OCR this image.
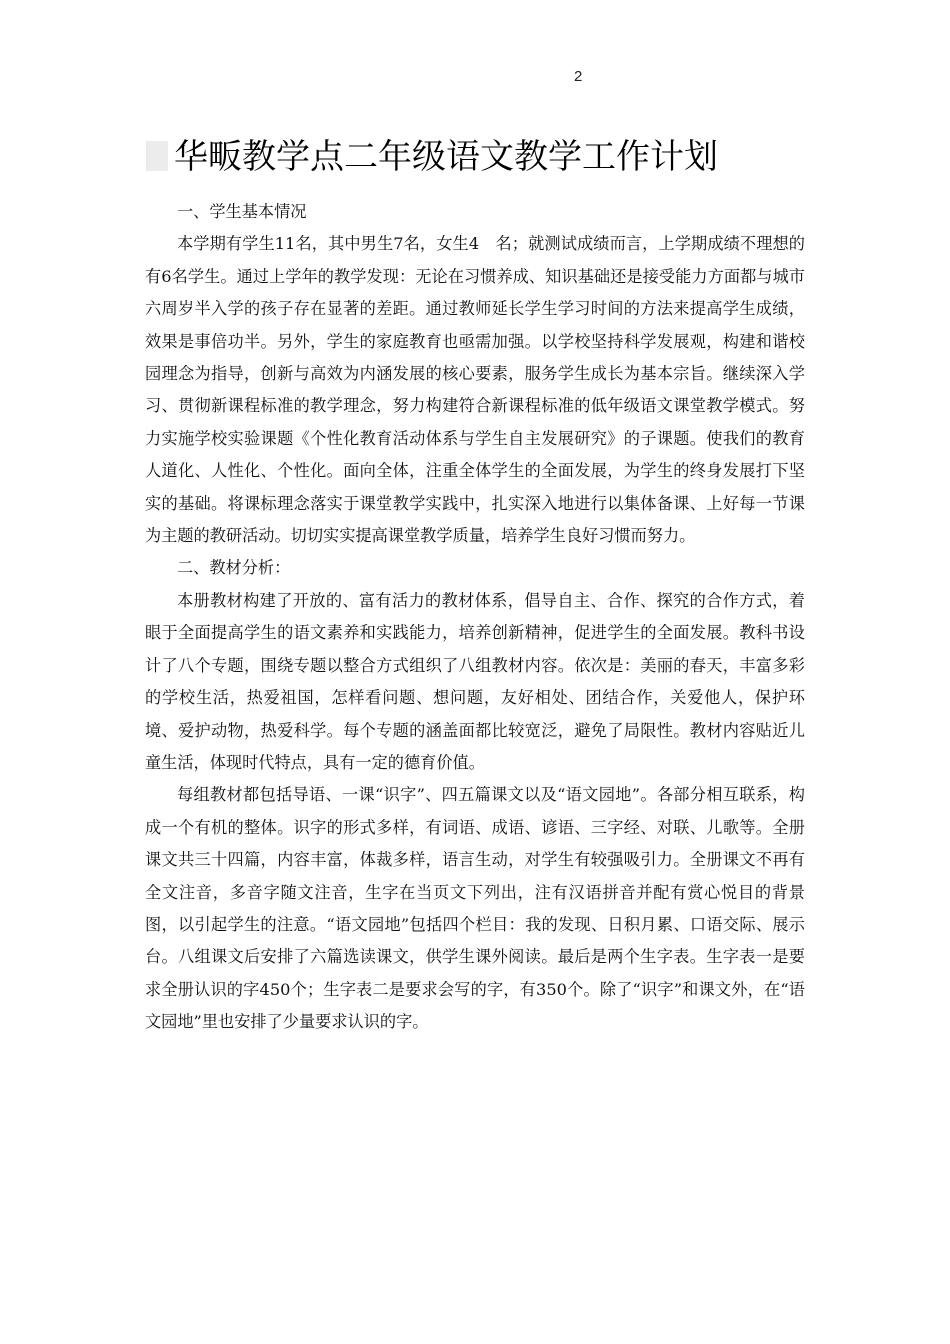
2
华畈教学点二年级语文教学工作计划

一、学生基本情况

本学期有学生11名，其中男生7名，女生4　名；就测试成绩而言，上学期成绩不理想的有6名学生。通过上学年的教学发现：无论在习惯养成、知识基础还是接受能力方面都与城市六周岁半入学的孩子存在显著的差距。通过教师延长学生学习时间的方法来提高学生成绩，效果是事倍功半。另外，学生的家庭教育也亟需加强。以学校坚持科学发展观，构建和谐校园理念为指导，创新与高效为内涵发展的核心要素，服务学生成长为基本宗旨。继续深入学习、贯彻新课程标准的教学理念，努力构建符合新课程标准的低年级语文课堂教学模式。努力实施学校实验课题《个性化教育活动体系与学生自主发展研究》的子课题。使我们的教育人道化、人性化、个性化。面向全体，注重全体学生的全面发展，为学生的终身发展打下坚实的基础。将课标理念落实于课堂教学实践中，扎实深入地进行以集体备课、上好每一节课为主题的教研活动。切切实实提高课堂教学质量，培养学生良好习惯而努力。

二、教材分析：

本册教材构建了开放的、富有活力的教材体系，倡导自主、合作、探究的合作方式，着眼于全面提高学生的语文素养和实践能力，培养创新精神，促进学生的全面发展。教科书设计了八个专题，围绕专题以整合方式组织了八组教材内容。依次是：美丽的春天，丰富多彩的学校生活，热爱祖国，怎样看问题、想问题，友好相处、团结合作，关爱他人，保护环境、爱护动物，热爱科学。每个专题的涵盖面都比较宽泛，避免了局限性。教材内容贴近儿童生活，体现时代特点，具有一定的德育价值。

每组教材都包括导语、一课“识字”、四五篇课文以及“语文园地”。各部分相互联系，构成一个有机的整体。识字的形式多样，有词语、成语、谚语、三字经、对联、儿歌等。全册课文共三十四篇，内容丰富，体裁多样，语言生动，对学生有较强吸引力。全册课文不再有全文注音，多音字随文注音，生字在当页文下列出，注有汉语拼音并配有赏心悦目的背景图，以引起学生的注意。“语文园地”包括四个栏目：我的发现、日积月累、口语交际、展示台。八组课文后安排了六篇选读课文，供学生课外阅读。最后是两个生字表。生字表一是要求全册认识的字450个；生字表二是要求会写的字，有350个。除了“识字”和课文外，在“语文园地”里也安排了少量要求认识的字。
